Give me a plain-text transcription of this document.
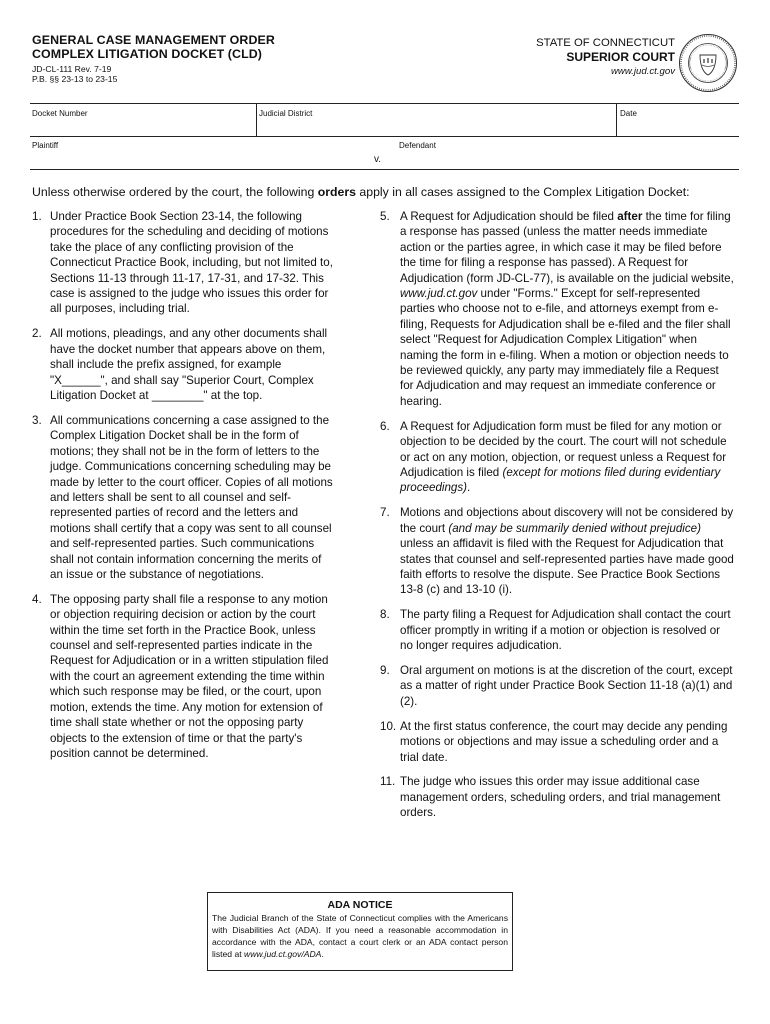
GENERAL CASE MANAGEMENT ORDER
COMPLEX LITIGATION DOCKET (CLD)
JD-CL-111 Rev. 7-19
P.B. §§ 23-13 to 23-15
STATE OF CONNECTICUT
SUPERIOR COURT
www.jud.ct.gov
Docket Number	Judicial District	Date
Plaintiff	Defendant
v.
Unless otherwise ordered by the court, the following orders apply in all cases assigned to the Complex Litigation Docket:
1. Under Practice Book Section 23-14, the following procedures for the scheduling and deciding of motions take the place of any conflicting provision of the Connecticut Practice Book, including, but not limited to, Sections 11-13 through 11-17, 17-31, and 17-32. This case is assigned to the judge who issues this order for all purposes, including trial.
2. All motions, pleadings, and any other documents shall have the docket number that appears above on them, shall include the prefix assigned, for example "X______", and shall say "Superior Court, Complex Litigation Docket at ________" at the top.
3. All communications concerning a case assigned to the Complex Litigation Docket shall be in the form of motions; they shall not be in the form of letters to the judge. Communications concerning scheduling may be made by letter to the court officer. Copies of all motions and letters shall be sent to all counsel and self-represented parties of record and the letters and motions shall certify that a copy was sent to all counsel and self-represented parties. Such communications shall not contain information concerning the merits of an issue or the substance of negotiations.
4. The opposing party shall file a response to any motion or objection requiring decision or action by the court within the time set forth in the Practice Book, unless counsel and self-represented parties indicate in the Request for Adjudication or in a written stipulation filed with the court an agreement extending the time within which such response may be filed, or the court, upon motion, extends the time. Any motion for extension of time shall state whether or not the opposing party objects to the extension of time or that the party's position cannot be determined.
5. A Request for Adjudication should be filed after the time for filing a response has passed (unless the matter needs immediate action or the parties agree, in which case it may be filed before the time for filing a response has passed). A Request for Adjudication (form JD-CL-77), is available on the judicial website, www.jud.ct.gov under "Forms." Except for self-represented parties who choose not to e-file, and attorneys exempt from e-filing, Requests for Adjudication shall be e-filed and the filer shall select "Request for Adjudication Complex Litigation" when naming the form in e-filing. When a motion or objection needs to be reviewed quickly, any party may immediately file a Request for Adjudication and may request an immediate conference or hearing.
6. A Request for Adjudication form must be filed for any motion or objection to be decided by the court. The court will not schedule or act on any motion, objection, or request unless a Request for Adjudication is filed (except for motions filed during evidentiary proceedings).
7. Motions and objections about discovery will not be considered by the court (and may be summarily denied without prejudice) unless an affidavit is filed with the Request for Adjudication that states that counsel and self-represented parties have made good faith efforts to resolve the dispute. See Practice Book Sections 13-8 (c) and 13-10 (i).
8. The party filing a Request for Adjudication shall contact the court officer promptly in writing if a motion or objection is resolved or no longer requires adjudication.
9. Oral argument on motions is at the discretion of the court, except as a matter of right under Practice Book Section 11-18 (a)(1) and (2).
10. At the first status conference, the court may decide any pending motions or objections and may issue a scheduling order and a trial date.
11. The judge who issues this order may issue additional case management orders, scheduling orders, and trial management orders.
ADA NOTICE
The Judicial Branch of the State of Connecticut complies with the Americans with Disabilities Act (ADA). If you need a reasonable accommodation in accordance with the ADA, contact a court clerk or an ADA contact person listed at www.jud.ct.gov/ADA.
